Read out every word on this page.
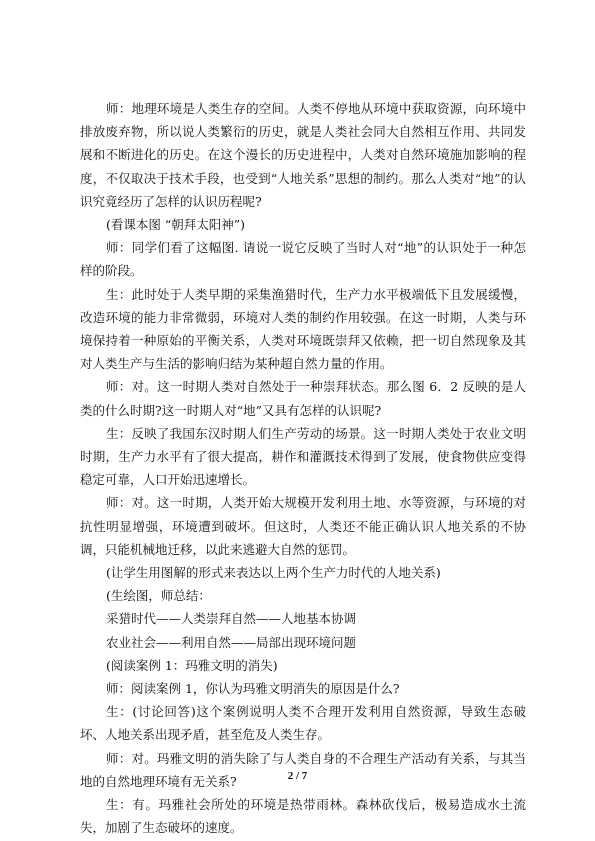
师：地理环境是人类生存的空间。人类不停地从环境中获取资源，向环境中排放废弃物，所以说人类繁衍的历史，就是人类社会同大自然相互作用、共同发展和不断进化的历史。在这个漫长的历史进程中，人类对自然环境施加影响的程度，不仅取决于技术手段，也受到“人地关系”思想的制约。那么人类对“地”的认识究竟经历了怎样的认识历程呢?

(看课本图 “朝拜太阳神”)

师：同学们看了这幅图. 请说一说它反映了当时人对“地”的认识处于一种怎样的阶段。

生：此时处于人类早期的采集渔猎时代，生产力水平极端低下且发展缓慢，改造环境的能力非常微弱，环境对人类的制约作用较强。在这一时期，人类与环境保持着一种原始的平衡关系，人类对环境既崇拜又依赖，把一切自然现象及其对人类生产与生活的影响归结为某种超自然力量的作用。

师：对。这一时期人类对自然处于一种崇拜状态。那么图 6．2 反映的是人类的什么时期?这一时期人对“地”又具有怎样的认识呢?

生：反映了我国东汉时期人们生产劳动的场景。这一时期人类处于农业文明时期，生产力水平有了很大提高，耕作和灌溉技术得到了发展，使食物供应变得稳定可靠，人口开始迅速增长。

师：对。这一时期，人类开始大规模开发利用土地、水等资源，与环境的对抗性明显增强，环境遭到破坏。但这时，人类还不能正确认识人地关系的不协调，只能机械地迁移，以此来逃避大自然的惩罚。

(让学生用图解的形式来表达以上两个生产力时代的人地关系)

(生绘图，师总结：

采猎时代——人类崇拜自然——人地基本协调

农业社会——利用自然——局部出现环境问题

(阅读案例 1：玛雅文明的消失)

师：阅读案例 1，你认为玛雅文明消失的原因是什么?

生：(讨论回答)这个案例说明人类不合理开发利用自然资源，导致生态破坏、人地关系出现矛盾，甚至危及人类生存。

师：对。玛雅文明的消失除了与人类自身的不合理生产活动有关系，与其当地的自然地理环境有无关系?

生：有。玛雅社会所处的环境是热带雨林。森林砍伐后，极易造成水土流失，加剧了生态破坏的速度。

2 / 7
